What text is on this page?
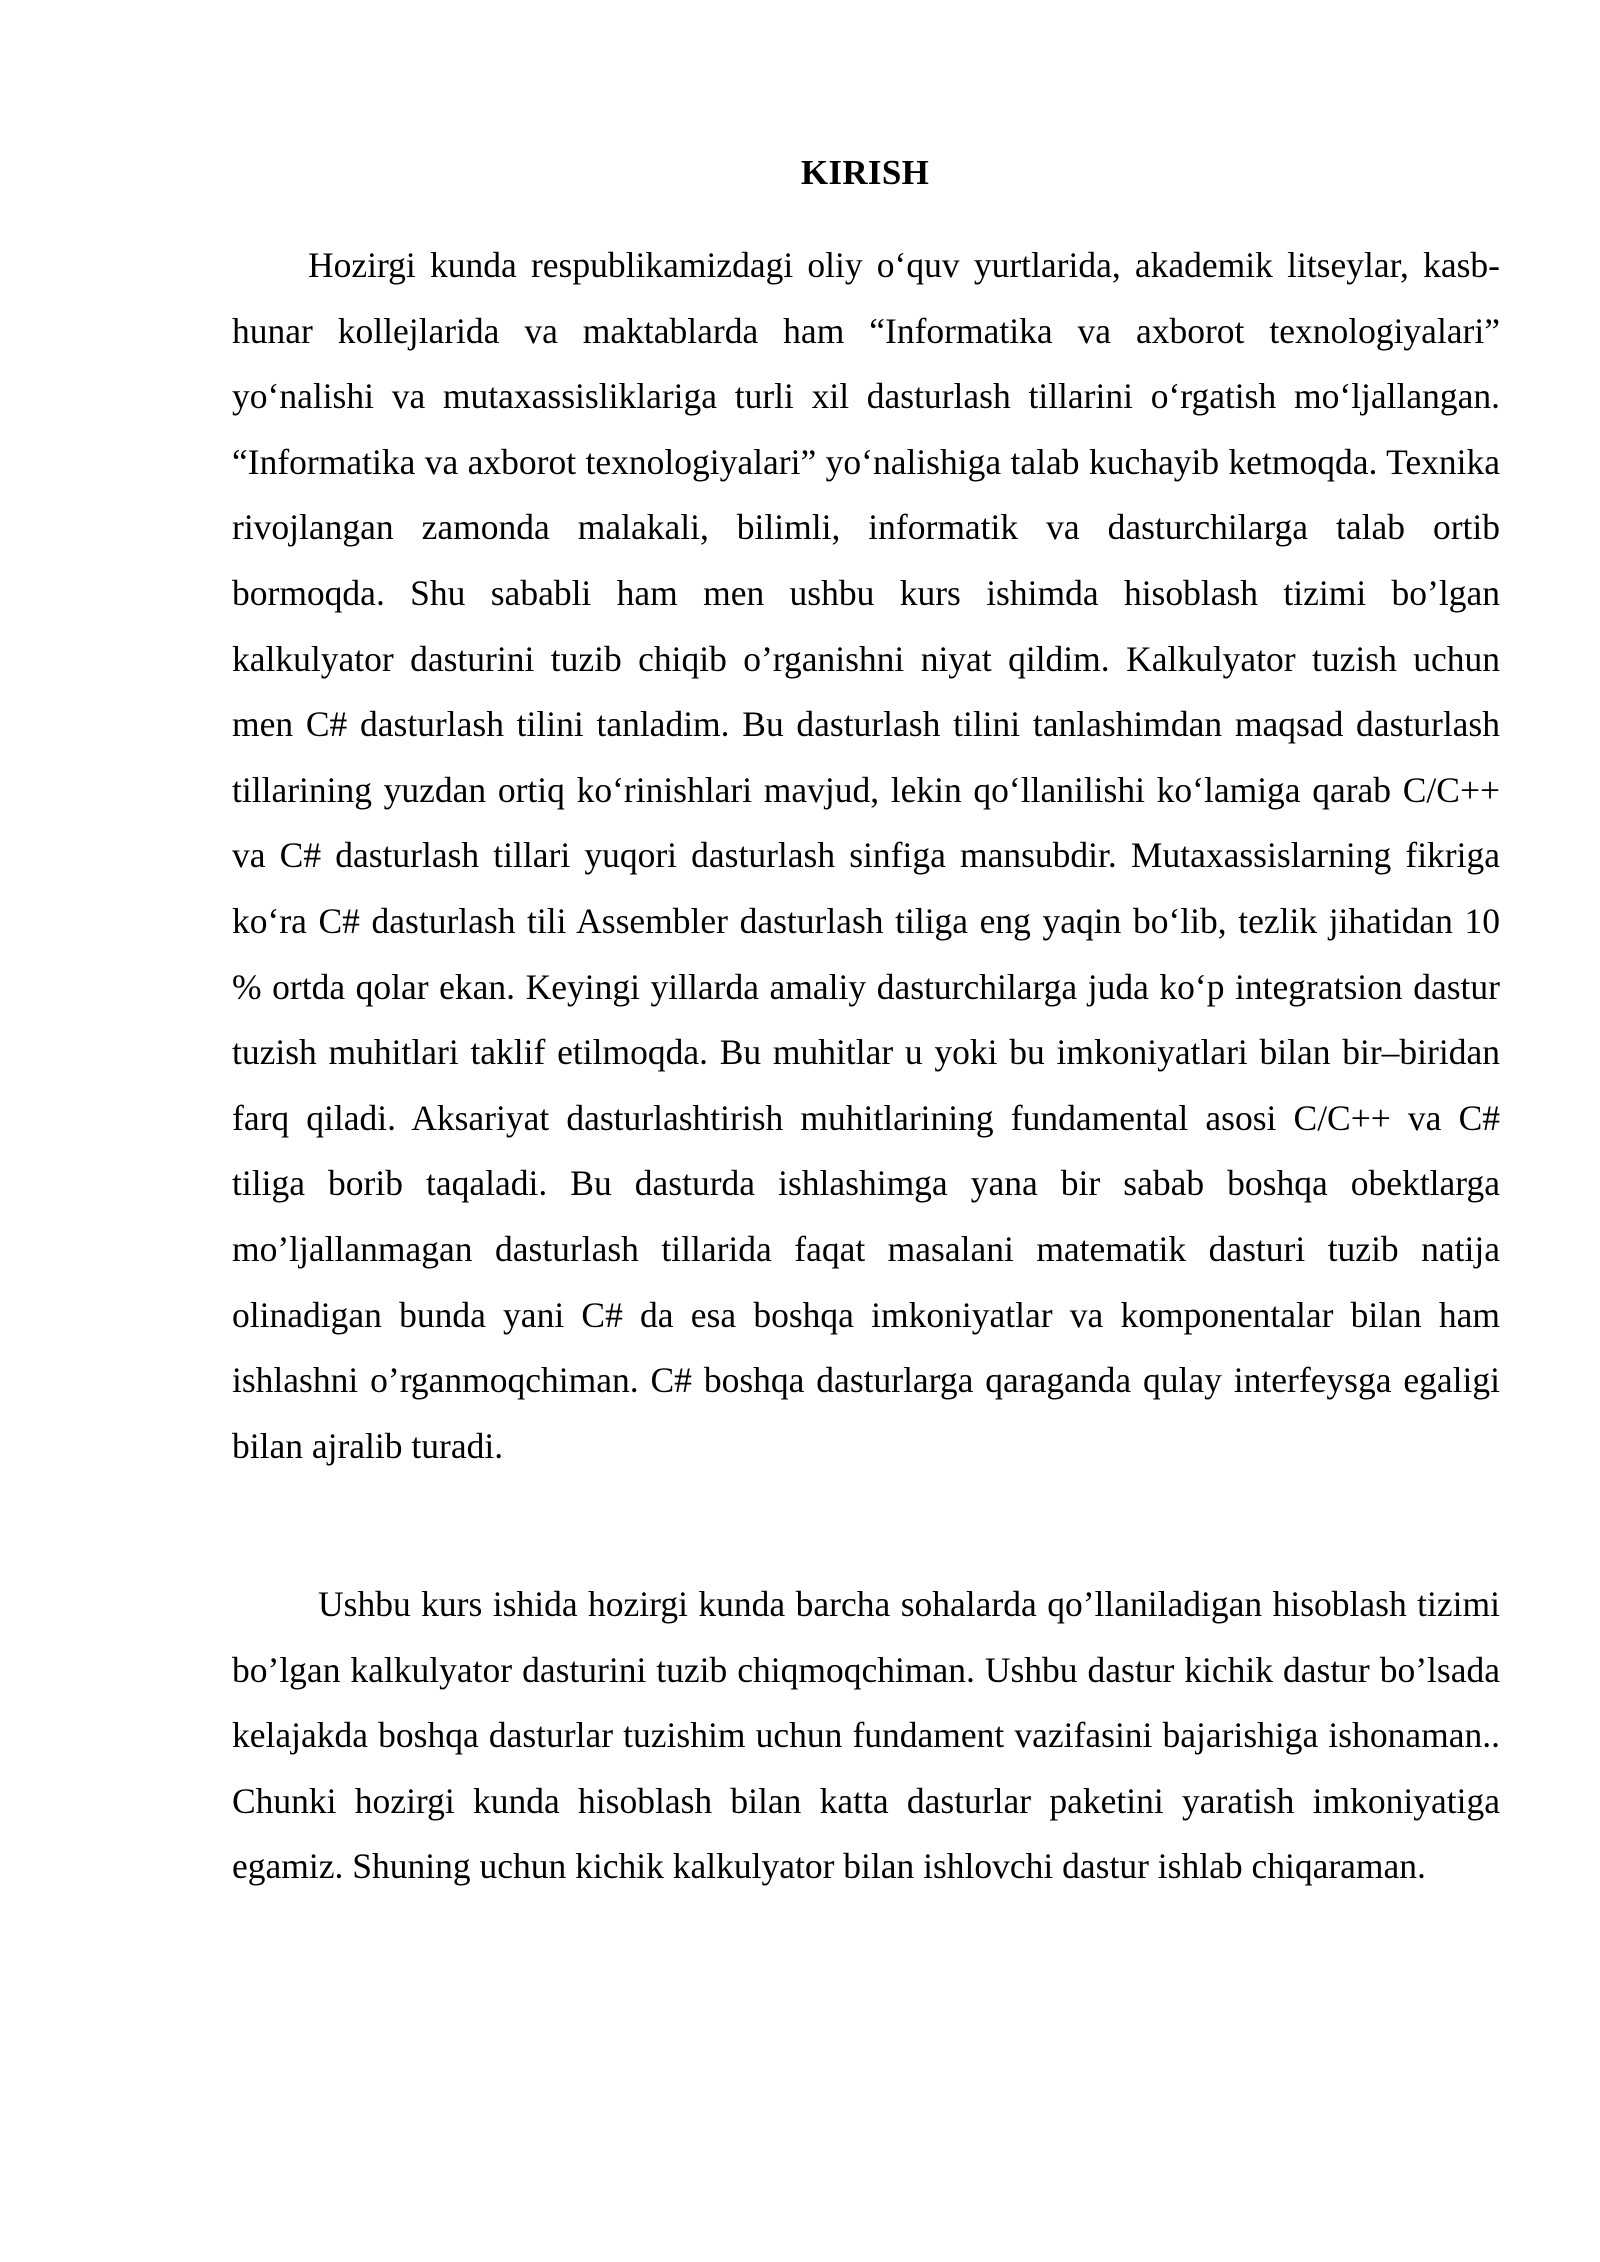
KIRISH

Hozirgi kunda respublikamizdagi oliy o‘quv yurtlarida, akademik litseylar, kasb-hunar kollejlarida va maktablarda ham “Informatika va axborot texnologiyalari” yo‘nalishi va mutaxassisliklariga turli xil dasturlash tillarini o‘rgatish mo‘ljallangan. “Informatika va axborot texnologiyalari” yo‘nalishiga talab kuchayib ketmoqda. Texnika rivojlangan zamonda malakali, bilimli, informatik va dasturchilarga talab ortib bormoqda. Shu sababli ham men ushbu kurs ishimda hisoblash tizimi bo’lgan kalkulyator dasturini tuzib chiqib o’rganishni niyat qildim. Kalkulyator tuzish uchun men C# dasturlash tilini tanladim. Bu dasturlash tilini tanlashimdan maqsad dasturlash tillarining yuzdan ortiq ko‘rinishlari mavjud, lekin qo‘llanilishi ko‘lamiga qarab C/C++ va C# dasturlash tillari yuqori dasturlash sinfiga mansubdir. Mutaxassislarning fikriga ko‘ra C# dasturlash tili Assembler dasturlash tiliga eng yaqin bo‘lib, tezlik jihatidan 10 % ortda qolar ekan. Keyingi yillarda amaliy dasturchilarga juda ko‘p integratsion dastur tuzish muhitlari taklif etilmoqda. Bu muhitlar u yoki bu imkoniyatlari bilan bir–biridan farq qiladi. Aksariyat dasturlashtirish muhitlarining fundamental asosi C/C++ va C# tiliga borib taqaladi. Bu dasturda ishlashimga yana bir sabab boshqa obektlarga mo’ljallanmagan dasturlash tillarida faqat masalani matematik dasturi tuzib natija olinadigan bunda yani C# da esa boshqa imkoniyatlar va komponentalar bilan ham ishlashni o’rganmoqchiman. C# boshqa dasturlarga qaraganda qulay interfeysga egaligi bilan ajralib turadi.

Ushbu kurs ishida hozirgi kunda barcha sohalarda qo’llaniladigan hisoblash tizimi bo’lgan kalkulyator dasturini tuzib chiqmoqchiman. Ushbu dastur kichik dastur bo’lsada kelajakda boshqa dasturlar tuzishim uchun fundament vazifasini bajarishiga ishonaman.. Chunki hozirgi kunda hisoblash bilan katta dasturlar paketini yaratish imkoniyatiga egamiz. Shuning uchun kichik kalkulyator bilan ishlovchi dastur ishlab chiqaraman.
